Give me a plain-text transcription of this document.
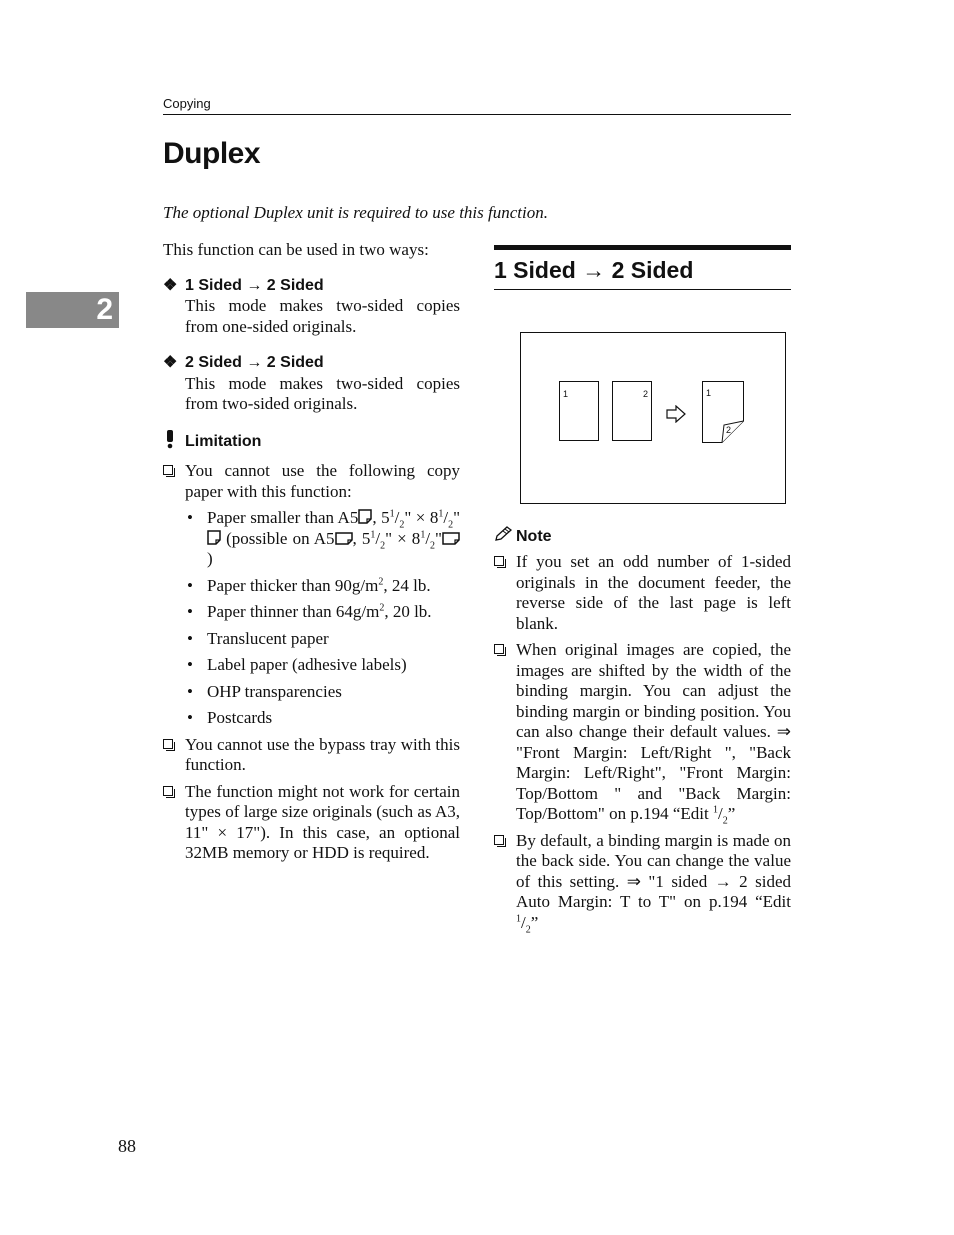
Copying
Duplex
The optional Duplex unit is required to use this function.
2

This function can be used in two ways:

❖ 1 Sided → 2 Sided
This mode makes two-sided copies from one-sided originals.
❖ 2 Sided → 2 Sided
This mode makes two-sided copies from two-sided originals.
Limitation
You cannot use the following copy paper with this function:
• Paper smaller than A5 , $5^1/_2$" × $8^1/_2$" (possible on A5 , $5^1/_2$" × $8^1/_2$")
• Paper thicker than $90g/m^2$, 24 lb.
• Paper thinner than $64g/m^2$, 20 lb.
• Translucent paper
• Label paper (adhesive labels)
• OHP transparencies
• Postcards
You cannot use the bypass tray with this function.
The function might not work for certain types of large size originals (such as A3, 11" × 17"). In this case, an optional 32MB memory or HDD is required.
1 Sided → 2 Sided
1	2	1
2
Note
If you set an odd number of 1-sided originals in the document feeder, the reverse side of the last page is left blank.
When original images are copied, the images are shifted by the width of the binding margin. You can adjust the binding margin or binding position. You can also change their default values. ⇒ "Front Margin: Left/Right ", "Back Margin: Left/Right", "Front Margin: Top/Bottom " and "Back Margin: Top/Bottom" on p.194 “Edit $^1/_2$”
By default, a binding margin is made on the back side. You can change the value of this setting. ⇒ "1 sided → 2 sided Auto Margin: T to T" on p.194 “Edit $^1/_2$”
88
